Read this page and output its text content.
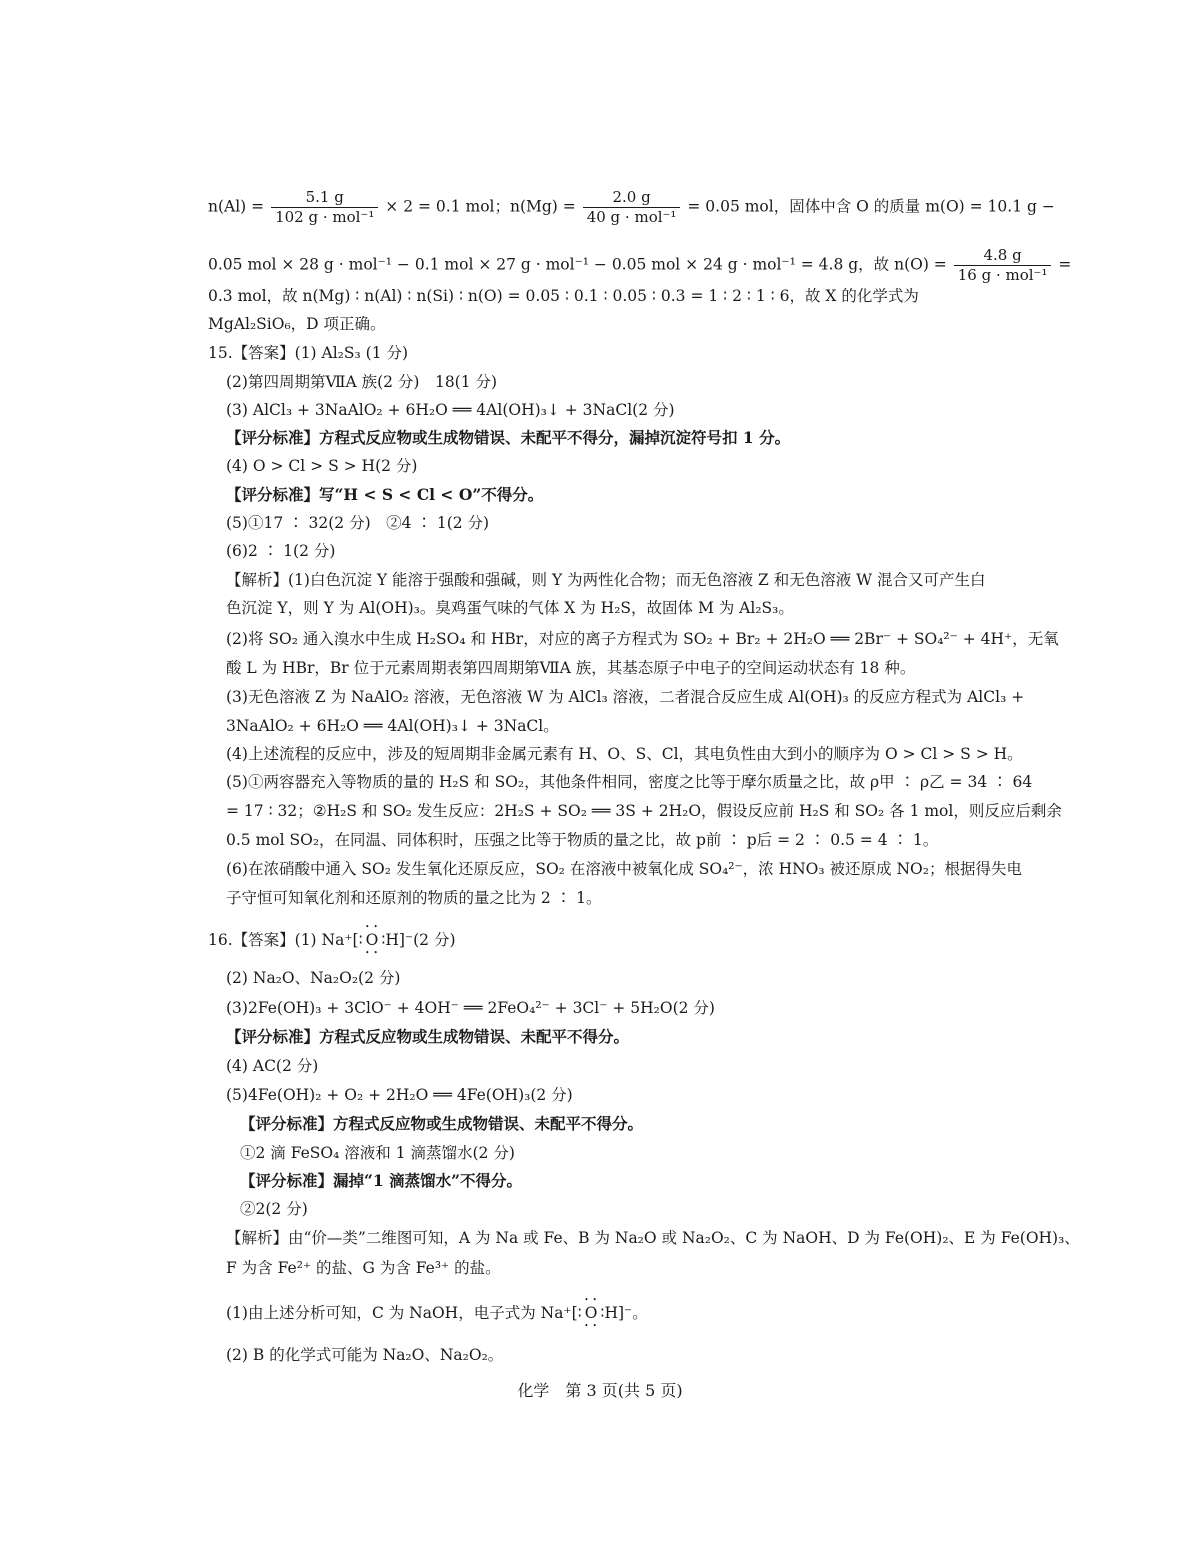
$n(Al) = \frac{5.1 g}{\text{102 g · mol⁻¹}} \times 2 = 0.1$ mol；$n(Mg) = \frac{2.0 g}{\text{40 g · mol⁻¹}} = 0.05$ mol，固体中含 O 的质量 m(O) = 10.1 g −
0.05 mol × 28 g · mol⁻¹ − 0.1 mol × 27 g · mol⁻¹ − 0.05 mol × 24 g · mol⁻¹ = 4.8 g，故 $n(O) = \frac{4.8 g}{\text{16 g · mol⁻¹}}$ =
0.3 mol，故 n(Mg) ∶ n(Al) ∶ n(Si) ∶ n(O) = 0.05 ∶ 0.1 ∶ 0.05 ∶ 0.3 = 1 ∶ 2 ∶ 1 ∶ 6，故 X 的化学式为
MgAl₂SiO₆，D 项正确。
15.【答案】(1) Al₂S₃ (1 分)
(2)第四周期第ⅦA 族(2 分)　18(1 分)
(3) AlCl₃ + 3NaAlO₂ + 6H₂O ══ 4Al(OH)₃↓ + 3NaCl(2 分)
【评分标准】方程式反应物或生成物错误、未配平不得分，漏掉沉淀符号扣 1 分。
(4) O > Cl > S > H(2 分)
【评分标准】写“H < S < Cl < O”不得分。
(5)①17 ∶ 32(2 分)　②4 ∶ 1(2 分)
(6)2 ∶ 1(2 分)
【解析】(1)白色沉淀 Y 能溶于强酸和强碱，则 Y 为两性化合物；而无色溶液 Z 和无色溶液 W 混合又可产生白
色沉淀 Y，则 Y 为 Al(OH)₃。臭鸡蛋气味的气体 X 为 H₂S，故固体 M 为 Al₂S₃。
(2)将 SO₂ 通入溴水中生成 H₂SO₄ 和 HBr，对应的离子方程式为 SO₂ + Br₂ + 2H₂O ══ 2Br⁻ + SO₄²⁻ + 4H⁺，无氧
酸 L 为 HBr，Br 位于元素周期表第四周期第ⅦA 族，其基态原子中电子的空间运动状态有 18 种。
(3)无色溶液 Z 为 NaAlO₂ 溶液，无色溶液 W 为 AlCl₃ 溶液，二者混合反应生成 Al(OH)₃ 的反应方程式为 AlCl₃ +
3NaAlO₂ + 6H₂O ══ 4Al(OH)₃↓ + 3NaCl。
(4)上述流程的反应中，涉及的短周期非金属元素有 H、O、S、Cl，其电负性由大到小的顺序为 O > Cl > S > H。
(5)①两容器充入等物质的量的 H₂S 和 SO₂，其他条件相同，密度之比等于摩尔质量之比，故 ρ甲 ∶ ρ乙 = 34 ∶ 64
= 17 ∶ 32；②H₂S 和 SO₂ 发生反应：2H₂S + SO₂ ══ 3S + 2H₂O，假设反应前 H₂S 和 SO₂ 各 1 mol，则反应后剩余
0.5 mol SO₂，在同温、同体积时，压强之比等于物质的量之比，故 p前 ∶ p后 = 2 ∶ 0.5 = 4 ∶ 1。
(6)在浓硝酸中通入 SO₂ 发生氧化还原反应，SO₂ 在溶液中被氧化成 SO₄²⁻，浓 HNO₃ 被还原成 NO₂；根据得失电
子守恒可知氧化剂和还原剂的物质的量之比为 2 ∶ 1。
16.【答案】(1) Na⁺[∶ • • O • • ∶H]⁻(2 分)
(2) Na₂O、Na₂O₂(2 分)
(3)2Fe(OH)₃ + 3ClO⁻ + 4OH⁻ ══ 2FeO₄²⁻ + 3Cl⁻ + 5H₂O(2 分)
【评分标准】方程式反应物或生成物错误、未配平不得分。
(4) AC(2 分)
(5)4Fe(OH)₂ + O₂ + 2H₂O ══ 4Fe(OH)₃(2 分)
【评分标准】方程式反应物或生成物错误、未配平不得分。
①2 滴 FeSO₄ 溶液和 1 滴蒸馏水(2 分)
【评分标准】漏掉“1 滴蒸馏水”不得分。
②2(2 分)
【解析】由“价—类”二维图可知，A 为 Na 或 Fe、B 为 Na₂O 或 Na₂O₂、C 为 NaOH、D 为 Fe(OH)₂、E 为 Fe(OH)₃、
F 为含 Fe²⁺ 的盐、G 为含 Fe³⁺ 的盐。
(1)由上述分析可知，C 为 NaOH，电子式为 Na⁺[∶ • • O • • ∶H]⁻。
(2) B 的化学式可能为 Na₂O、Na₂O₂。
化学　第 3 页(共 5 页)
